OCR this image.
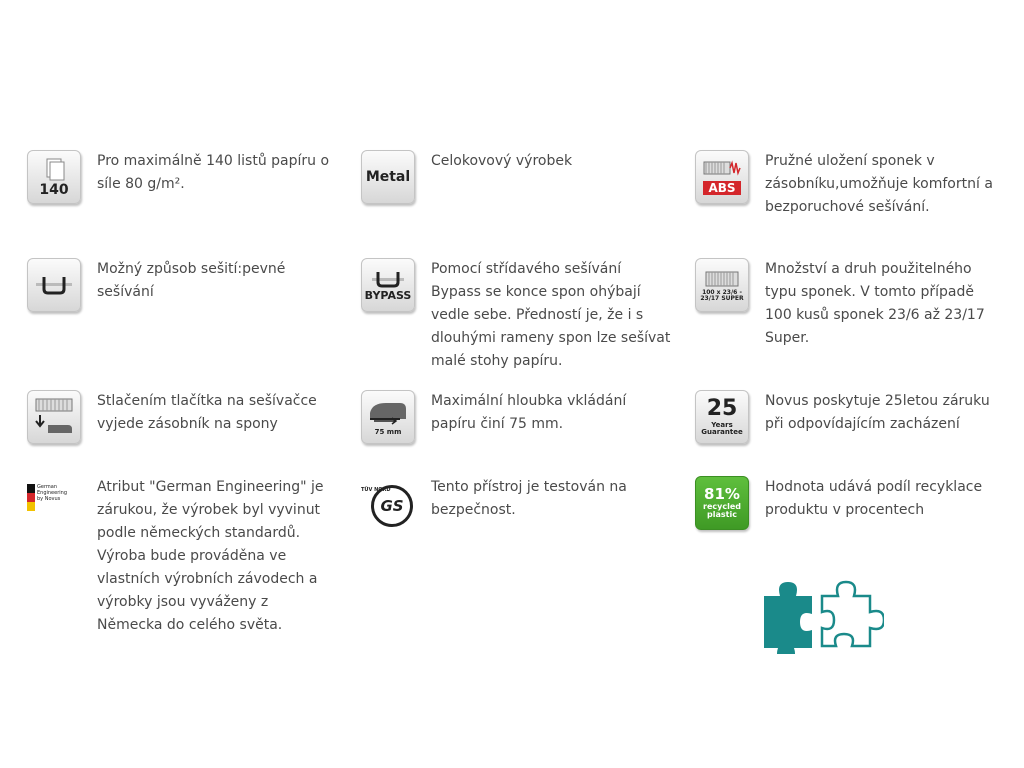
140
Pro maximálně 140 listů papíru o síle 80 g/m².	Metal
Celokovový výrobek
ABS
Pružné uložení sponek v zásobníku,umožňuje komfortní a bezporuchové sešívání.
Možný způsob sešití:pevné sešívání	BYPASS
Pomocí střídavého sešívání Bypass se konce spon ohýbají vedle sebe. Předností je, že i s dlouhými rameny spon lze sešívat malé stohy papíru.
100 x 23/6 - 23/17 SUPER
Množství a druh použitelného typu sponek. V tomto případě 100 kusů sponek 23/6 až 23/17 Super.
Stlačením tlačítka na sešívačce vyjede zásobník na spony	75 mm
Maximální hloubka vkládání papíru činí 75 mm.
25
Years Guarantee
Novus poskytuje 25letou záruku při odpovídajícím zacházení
German Engineering by Novus
Atribut "German Engineering" je zárukou, že výrobek byl vyvinut podle německých standardů. Výroba bude prováděna ve vlastních výrobních závodech a výrobky jsou vyváženy z Německa do celého světa.
TÜV NORD
GS
Tento přístroj je testován na bezpečnost.
81%
recycled plastic
Hodnota udává podíl recyklace produktu v procentech
